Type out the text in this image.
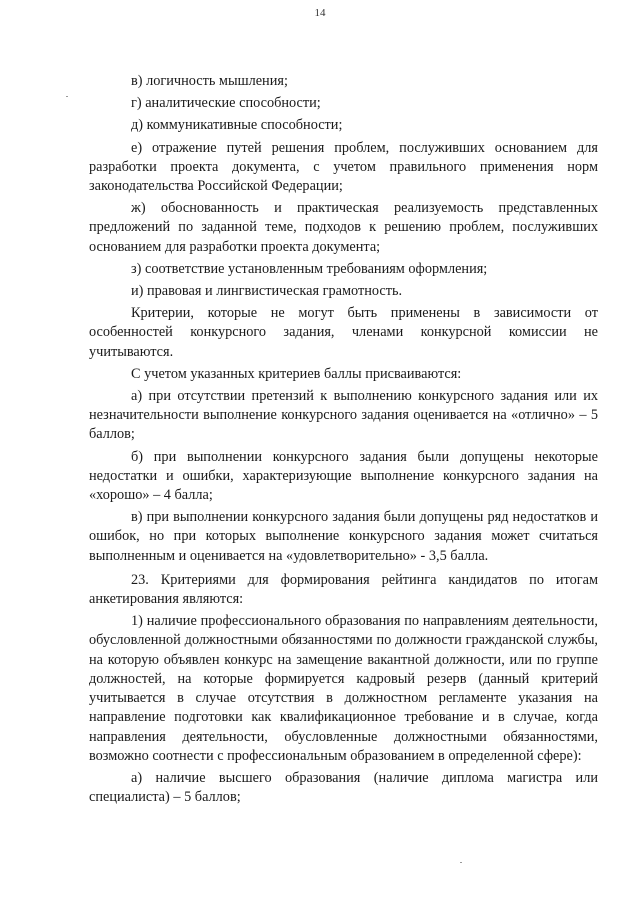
14

в) логичность мышления;

г) аналитические способности;

д) коммуникативные способности;

е) отражение путей решения проблем, послуживших основанием для разработки проекта документа, с учетом правильного применения норм законодательства Российской Федерации;

ж) обоснованность и практическая реализуемость представленных предложений по заданной теме, подходов к решению проблем, послуживших основанием для разработки проекта документа;

з) соответствие установленным требованиям оформления;

и) правовая и лингвистическая грамотность.

Критерии, которые не могут быть применены в зависимости от особенностей конкурсного задания, членами конкурсной комиссии не учитываются.

С учетом указанных критериев баллы присваиваются:

а) при отсутствии претензий к выполнению конкурсного задания или их незначительности выполнение конкурсного задания оценивается на «отлично» – 5 баллов;

б) при выполнении конкурсного задания были допущены некоторые недостатки и ошибки, характеризующие выполнение конкурсного задания на «хорошо» – 4 балла;

в) при выполнении конкурсного задания были допущены ряд недостатков и ошибок, но при которых выполнение конкурсного задания может считаться выполненным и оценивается на «удовлетворительно» - 3,5 балла.

23. Критериями для формирования рейтинга кандидатов по итогам анкетирования являются:

1) наличие профессионального образования по направлениям деятельности, обусловленной должностными обязанностями по должности гражданской службы, на которую объявлен конкурс на замещение вакантной должности, или по группе должностей, на которые формируется кадровый резерв (данный критерий учитывается в случае отсутствия в должностном регламенте указания на направление подготовки как квалификационное требование и в случае, когда направления деятельности, обусловленные должностными обязанностями, возможно соотнести с профессиональным образованием в определенной сфере):

а) наличие высшего образования (наличие диплома магистра или специалиста) – 5 баллов;
